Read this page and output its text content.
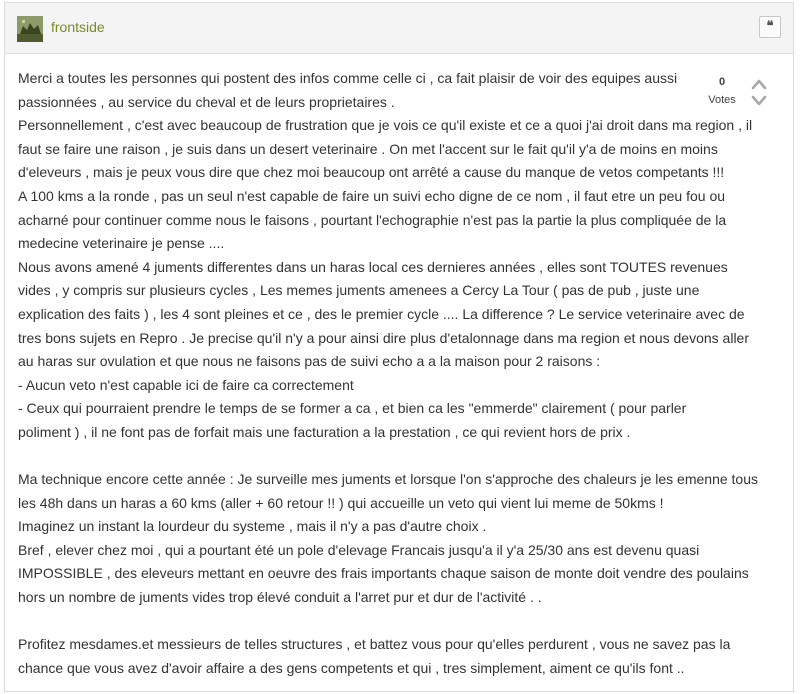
frontside	❝
0
Votes

Merci a toutes les personnes qui postent des infos comme celle ci , ca fait plaisir de voir des equipes aussi

passionnées , au service du cheval et de leurs proprietaires .

Personnellement , c'est avec beaucoup de frustration que je vois ce qu'il existe et ce a quoi j'ai droit dans ma region , il

faut se faire une raison , je suis dans un desert veterinaire . On met l'accent sur le fait qu'il y'a de moins en moins

d'eleveurs , mais je peux vous dire que chez moi beaucoup ont arrêté a cause du manque de vetos competants !!!

A 100 kms a la ronde , pas un seul n'est capable de faire un suivi echo digne de ce nom , il faut etre un peu fou ou

acharné pour continuer comme nous le faisons , pourtant l'echographie n'est pas la partie la plus compliquée de la

medecine veterinaire je pense ....

Nous avons amené 4 juments differentes dans un haras local ces dernieres années , elles sont TOUTES revenues

vides , y compris sur plusieurs cycles , Les memes juments amenees a Cercy La Tour ( pas de pub , juste une

explication des faits ) , les 4 sont pleines et ce , des le premier cycle .... La difference ? Le service veterinaire avec de

tres bons sujets en Repro . Je precise qu'il n'y a pour ainsi dire plus d'etalonnage dans ma region et nous devons aller

au haras sur ovulation et que nous ne faisons pas de suivi echo a a la maison pour 2 raisons :

- Aucun veto n'est capable ici de faire ca correctement

- Ceux qui pourraient prendre le temps de se former a ca , et bien ca les "emmerde" clairement ( pour parler

poliment ) , il ne font pas de forfait mais une facturation a la prestation , ce qui revient hors de prix .

Ma technique encore cette année : Je surveille mes juments et lorsque l'on s'approche des chaleurs je les emenne tous

les 48h dans un haras a 60 kms (aller + 60 retour !! ) qui accueille un veto qui vient lui meme de 50kms !

Imaginez un instant la lourdeur du systeme , mais il n'y a pas d'autre choix .

Bref , elever chez moi , qui a pourtant été un pole d'elevage Francais jusqu'a il y'a 25/30 ans est devenu quasi

IMPOSSIBLE , des eleveurs mettant en oeuvre des frais importants chaque saison de monte doit vendre des poulains

hors un nombre de juments vides trop élevé conduit a l'arret pur et dur de l'activité . .

Profitez mesdames.et messieurs de telles structures , et battez vous pour qu'elles perdurent , vous ne savez pas la

chance que vous avez d'avoir affaire a des gens competents et qui , tres simplement, aiment ce qu'ils font ..
